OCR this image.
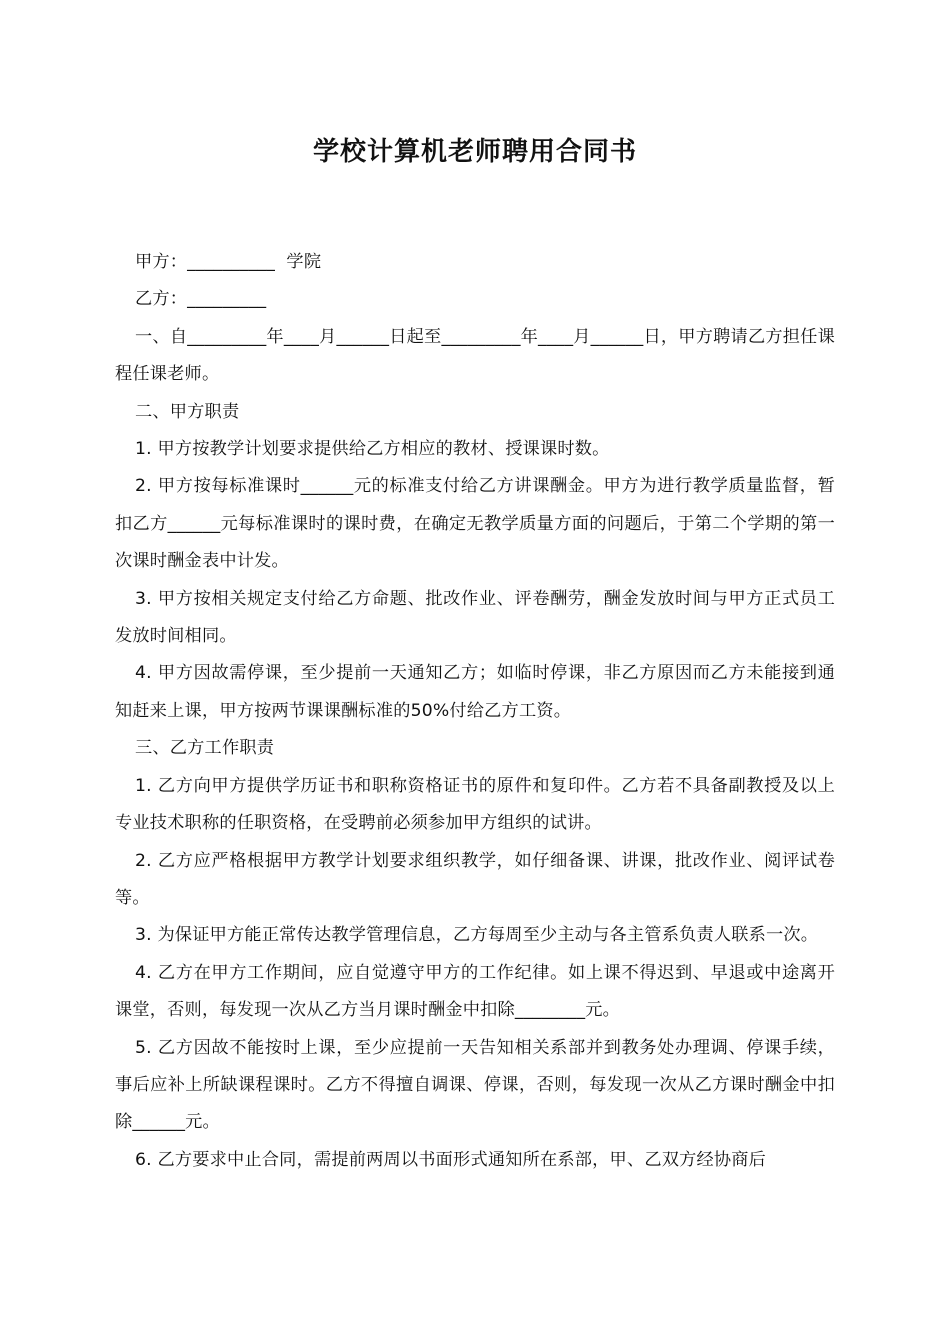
学校计算机老师聘用合同书

甲方：__________  学院

乙方：_________

一、自_________年____月______日起至_________年____月______日，甲方聘请乙方担任课程任课老师。

二、甲方职责

1. 甲方按教学计划要求提供给乙方相应的教材、授课课时数。

2. 甲方按每标准课时______元的标准支付给乙方讲课酬金。甲方为进行教学质量监督，暂扣乙方______元每标准课时的课时费，在确定无教学质量方面的问题后，于第二个学期的第一次课时酬金表中计发。

3. 甲方按相关规定支付给乙方命题、批改作业、评卷酬劳，酬金发放时间与甲方正式员工发放时间相同。

4. 甲方因故需停课，至少提前一天通知乙方；如临时停课，非乙方原因而乙方未能接到通知赶来上课，甲方按两节课课酬标准的50%付给乙方工资。

三、乙方工作职责

1. 乙方向甲方提供学历证书和职称资格证书的原件和复印件。乙方若不具备副教授及以上专业技术职称的任职资格，在受聘前必须参加甲方组织的试讲。

2. 乙方应严格根据甲方教学计划要求组织教学，如仔细备课、讲课，批改作业、阅评试卷等。

3. 为保证甲方能正常传达教学管理信息，乙方每周至少主动与各主管系负责人联系一次。

4. 乙方在甲方工作期间，应自觉遵守甲方的工作纪律。如上课不得迟到、早退或中途离开课堂，否则，每发现一次从乙方当月课时酬金中扣除________元。

5. 乙方因故不能按时上课，至少应提前一天告知相关系部并到教务处办理调、停课手续，事后应补上所缺课程课时。乙方不得擅自调课、停课，否则，每发现一次从乙方课时酬金中扣除______元。

6. 乙方要求中止合同，需提前两周以书面形式通知所在系部，甲、乙双方经协商后
